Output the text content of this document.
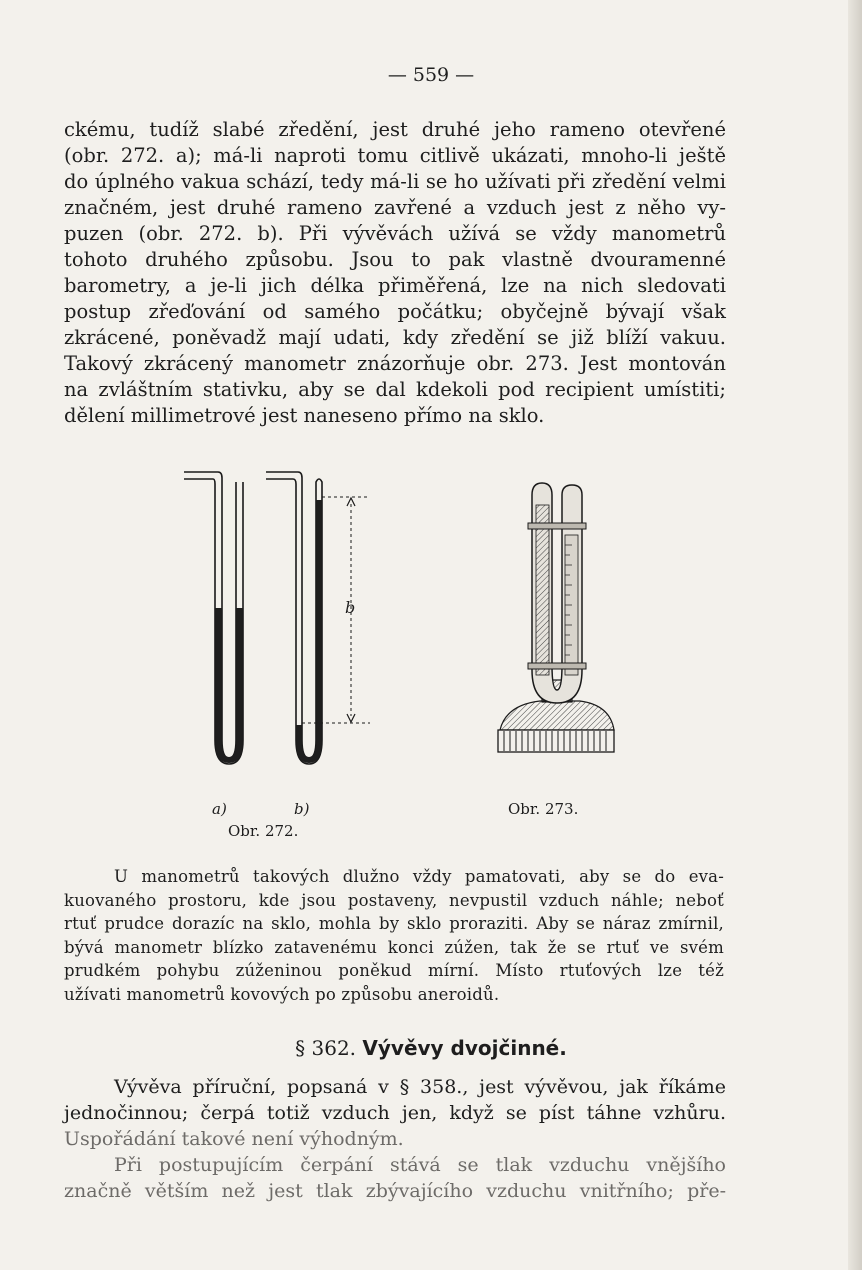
— 559 —
ckému, tudíž slabé zředění, jest druhé jeho rameno otevřené
(obr. 272. a); má-li naproti tomu citlivě ukázati, mnoho-li ještě
do úplného vakua schází, tedy má-li se ho užívati při zředění velmi
značném, jest druhé rameno zavřené a vzduch jest z něho vy-
puzen (obr. 272. b). Při vývěvách užívá se vždy manometrů
tohoto druhého způsobu. Jsou to pak vlastně dvouramenné
barometry, a je-li jich délka přiměřená, lze na nich sledovati
postup zřeďování od samého počátku; obyčejně bývají však
zkrácené, poněvadž mají udati, kdy zředění se již blíží vakuu.
Takový zkrácený manometr znázorňuje obr. 273. Jest montován
na zvláštním stativku, aby se dal kdekoli pod recipient umístiti;
dělení millimetrové jest naneseno přímo na sklo.
b
a)	b)
Obr. 272.
Obr. 273.
U manometrů takových dlužno vždy pamatovati, aby se do eva-
kuovaného prostoru, kde jsou postaveny, nevpustil vzduch náhle; neboť
rtuť prudce dorazíc na sklo, mohla by sklo proraziti. Aby se náraz zmírnil,
bývá manometr blízko zatavenému konci zúžen, tak že se rtuť ve svém
prudkém pohybu zúženinou poněkud mírní. Místo rtuťových lze též
užívati manometrů kovových po způsobu aneroidů.
§ 362. Vývěvy dvojčinné.
Vývěva příruční, popsaná v § 358., jest vývěvou, jak říkáme
jednočinnou; čerpá totiž vzduch jen, když se píst táhne vzhůru.
Uspořádání takové není výhodným.
Při postupujícím čerpání stává se tlak vzduchu vnějšího
značně větším než jest tlak zbývajícího vzduchu vnitřního; pře-
